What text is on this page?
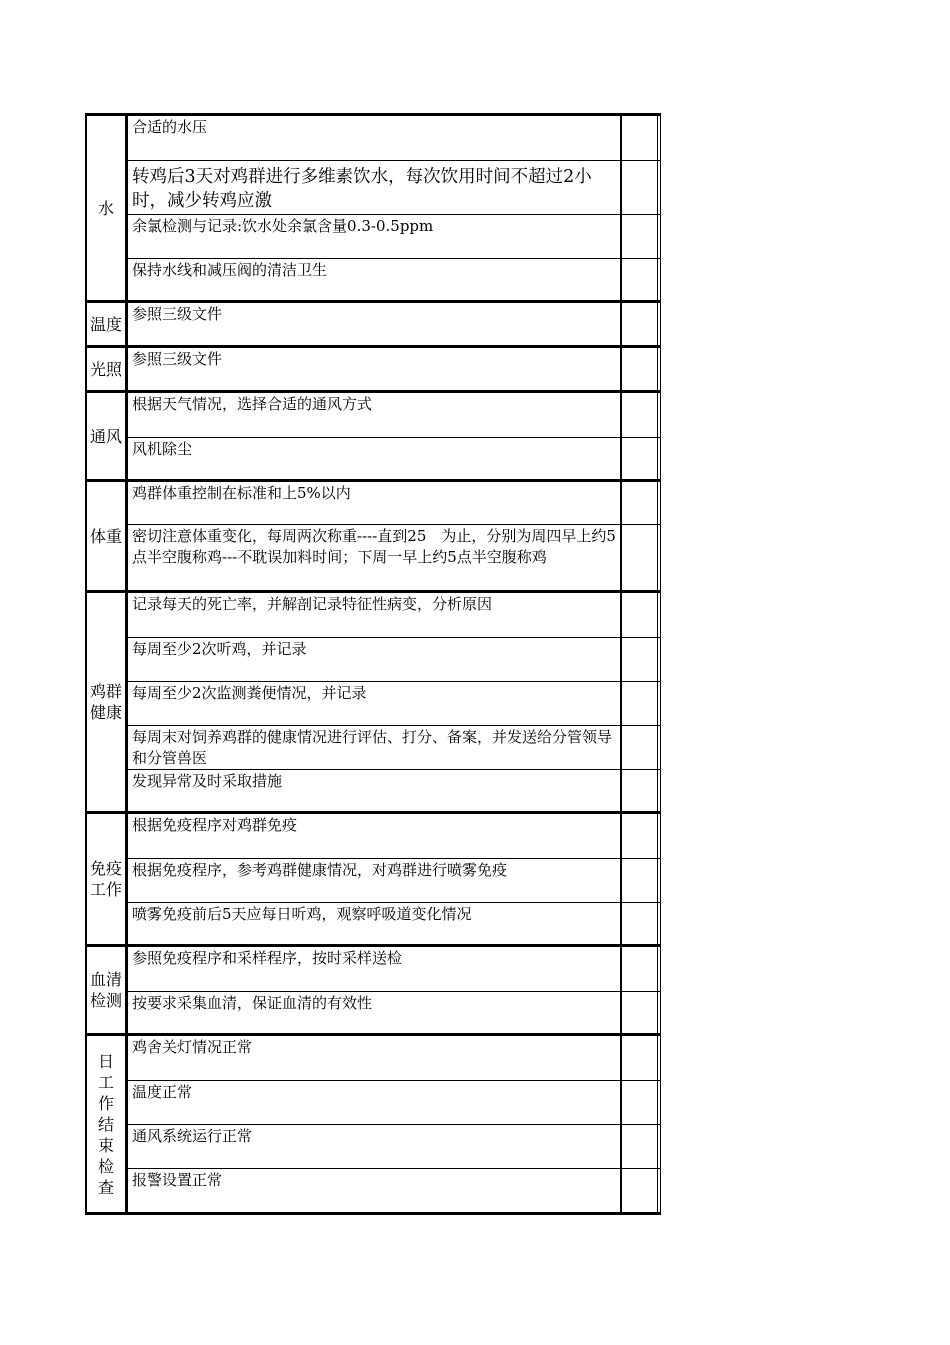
水
合适的水压
转鸡后3天对鸡群进行多维素饮水，每次饮用时间不超过2小时，减少转鸡应激
余氯检测与记录:饮水处余氯含量0.3-0.5ppm
保持水线和减压阀的清洁卫生
温度
参照三级文件
光照
参照三级文件
通风
根据天气情况，选择合适的通风方式
风机除尘
体重
鸡群体重控制在标准和上5%以内
密切注意体重变化，每周两次称重----直到25　为止，分别为周四早上约5点半空腹称鸡---不耽误加料时间；下周一早上约5点半空腹称鸡
鸡群健康
记录每天的死亡率，并解剖记录特征性病变，分析原因
每周至少2次听鸡，并记录
每周至少2次监测粪便情况，并记录
每周末对饲养鸡群的健康情况进行评估、打分、备案，并发送给分管领导和分管兽医
发现异常及时采取措施
免疫工作
根据免疫程序对鸡群免疫
根据免疫程序，参考鸡群健康情况，对鸡群进行喷雾免疫
喷雾免疫前后5天应每日听鸡，观察呼吸道变化情况
血清检测
参照免疫程序和采样程序，按时采样送检
按要求采集血清，保证血清的有效性
日工作结束检查
鸡舍关灯情况正常
温度正常
通风系统运行正常
报警设置正常
